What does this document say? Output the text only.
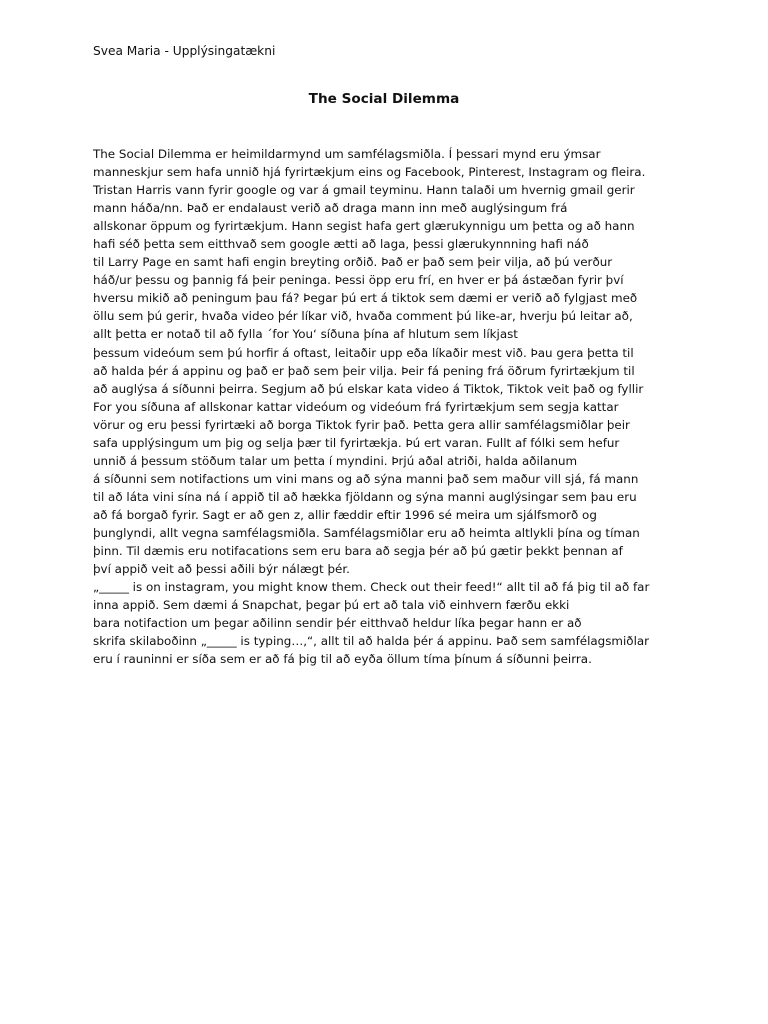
Svea Maria - Upplýsingatækni
The Social Dilemma
The Social Dilemma er heimildarmynd um samfélagsmiðla. Í þessari mynd eru ýmsar
manneskjur sem hafa unnið hjá fyrirtækjum eins og Facebook, Pinterest, Instagram og fleira.
Tristan Harris vann fyrir google og var á gmail teyminu. Hann talaði um hvernig gmail gerir
mann háða/nn. Það er endalaust verið að draga mann inn með auglýsingum frá
allskonar öppum og fyrirtækjum. Hann segist hafa gert glærukynnigu um þetta og að hann
hafi séð þetta sem eitthvað sem google ætti að laga, þessi glærukynnning hafi náð
til Larry Page en samt hafi engin breyting orðið. Það er það sem þeir vilja, að þú verður
háð/ur þessu og þannig fá þeir peninga. Þessi öpp eru frí, en hver er þá ástæðan fyrir því
hversu mikið að peningum þau fá? Þegar þú ert á tiktok sem dæmi er verið að fylgjast með
öllu sem þú gerir, hvaða video þér líkar við, hvaða comment þú like-ar, hverju þú leitar að,
allt þetta er notað til að fylla ´for You‘ síðuna þína af hlutum sem líkjast
þessum videóum sem þú horfir á oftast, leitaðir upp eða líkaðir mest við. Þau gera þetta til
að halda þér á appinu og það er það sem þeir vilja. Þeir fá pening frá öðrum fyrirtækjum til
að auglýsa á síðunni þeirra. Segjum að þú elskar kata video á Tiktok, Tiktok veit það og fyllir
For you síðuna af allskonar kattar videóum og videóum frá fyrirtækjum sem segja kattar
vörur og eru þessi fyrirtæki að borga Tiktok fyrir það. Þetta gera allir samfélagsmiðlar þeir
safa upplýsingum um þig og selja þær til fyrirtækja. Þú ert varan. Fullt af fólki sem hefur
unnið á þessum stöðum talar um þetta í myndini. Þrjú aðal atriði, halda aðilanum
á síðunni sem notifactions um vini mans og að sýna manni það sem maður vill sjá, fá mann
til að láta vini sína ná í appið til að hækka fjöldann og sýna manni auglýsingar sem þau eru
að fá borgað fyrir. Sagt er að gen z, allir fæddir eftir 1996 sé meira um sjálfsmorð og
þunglyndi, allt vegna samfélagsmiðla. Samfélagsmiðlar eru að heimta altlykli þína og tíman
þinn. Til dæmis eru notifacations sem eru bara að segja þér að þú gætir þekkt þennan af
því appið veit að þessi aðili býr nálægt þér.
„_____ is on instagram, you might know them. Check out their feed!“ allt til að fá þig til að far
inna appið. Sem dæmi á Snapchat, þegar þú ert að tala við einhvern færðu ekki
bara notifaction um þegar aðilinn sendir þér eitthvað heldur líka þegar hann er að
skrifa skilaboðinn „_____ is typing…,“, allt til að halda þér á appinu. Það sem samfélagsmiðlar
eru í rauninni er síða sem er að fá þig til að eyða öllum tíma þínum á síðunni þeirra.
